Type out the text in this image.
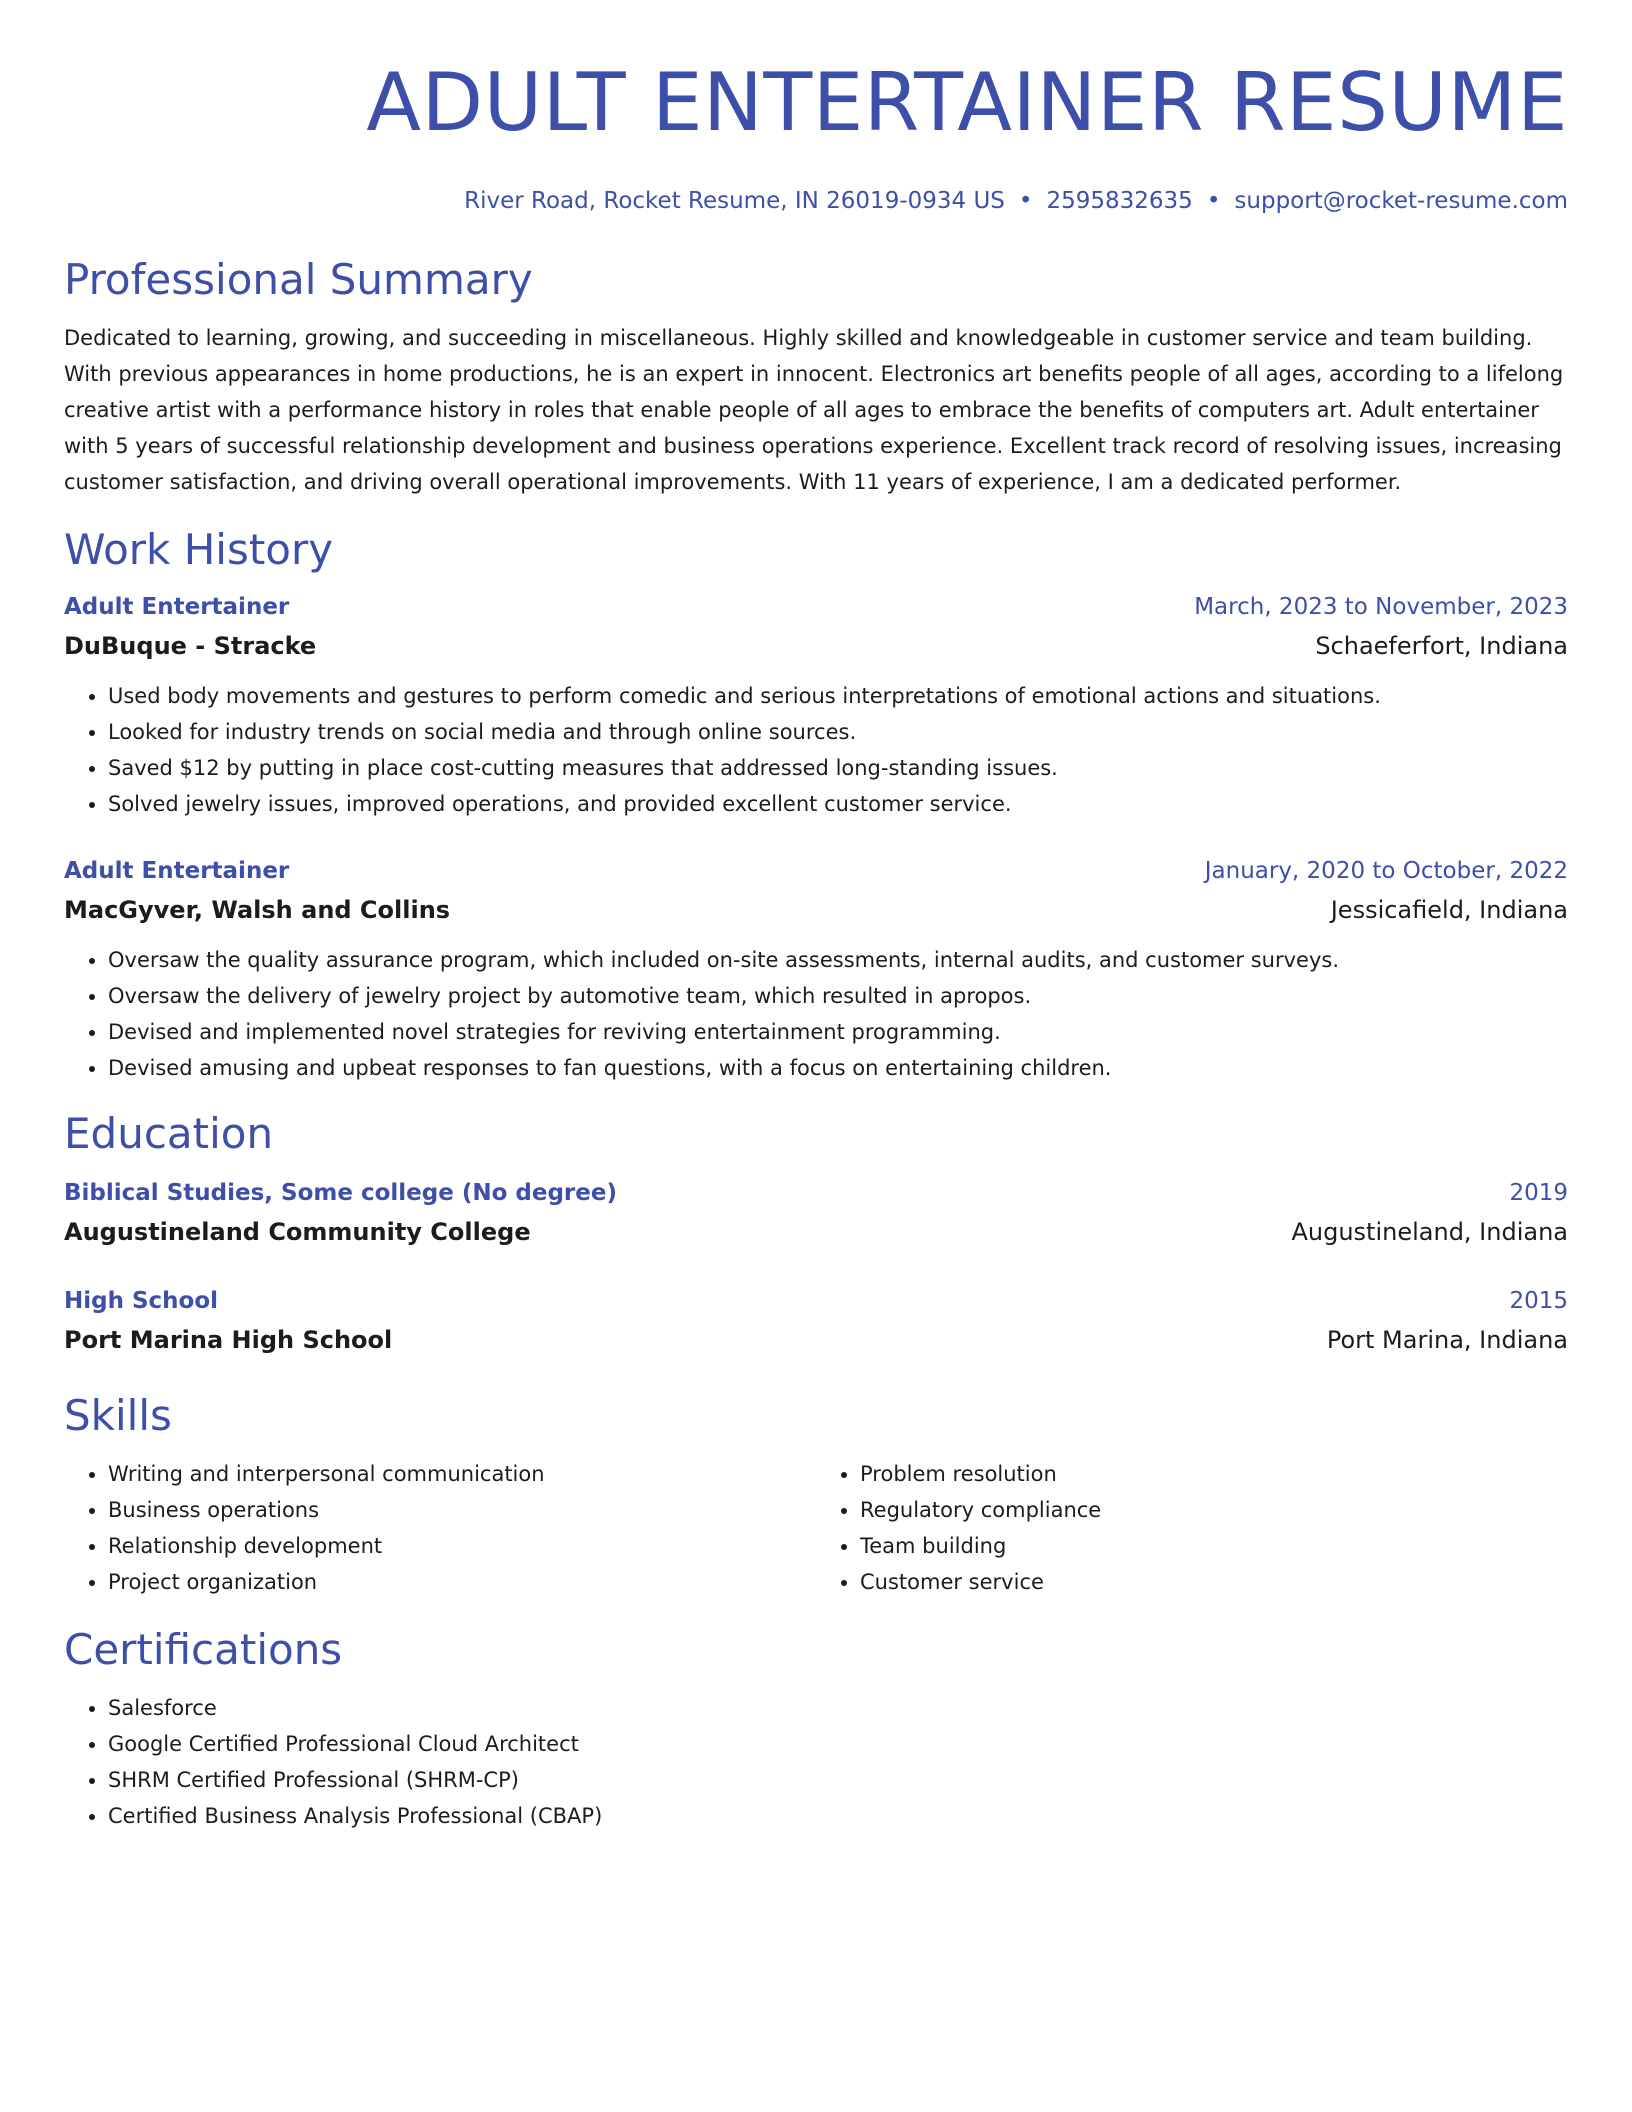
ADULT ENTERTAINER RESUME
River Road, Rocket Resume, IN 26019-0934 US • 2595832635 • support@rocket-resume.com
Professional Summary
Dedicated to learning, growing, and succeeding in miscellaneous. Highly skilled and knowledgeable in customer service and team building. With previous appearances in home productions, he is an expert in innocent. Electronics art benefits people of all ages, according to a lifelong creative artist with a performance history in roles that enable people of all ages to embrace the benefits of computers art. Adult entertainer with 5 years of successful relationship development and business operations experience. Excellent track record of resolving issues, increasing customer satisfaction, and driving overall operational improvements. With 11 years of experience, I am a dedicated performer.
Work History
Adult Entertainer	March, 2023 to November, 2023
DuBuque - Stracke	Schaeferfort, Indiana
• Used body movements and gestures to perform comedic and serious interpretations of emotional actions and situations.
• Looked for industry trends on social media and through online sources.
• Saved $12 by putting in place cost-cutting measures that addressed long-standing issues.
• Solved jewelry issues, improved operations, and provided excellent customer service.
Adult Entertainer	January, 2020 to October, 2022
MacGyver, Walsh and Collins	Jessicafield, Indiana
• Oversaw the quality assurance program, which included on-site assessments, internal audits, and customer surveys.
• Oversaw the delivery of jewelry project by automotive team, which resulted in apropos.
• Devised and implemented novel strategies for reviving entertainment programming.
• Devised amusing and upbeat responses to fan questions, with a focus on entertaining children.
Education
Biblical Studies, Some college (No degree)	2019
Augustineland Community College	Augustineland, Indiana
High School	2015
Port Marina High School	Port Marina, Indiana
Skills
• Writing and interpersonal communication
• Business operations
• Relationship development
• Project organization
• Problem resolution
• Regulatory compliance
• Team building
• Customer service
Certifications
• Salesforce
• Google Certified Professional Cloud Architect
• SHRM Certified Professional (SHRM-CP)
• Certified Business Analysis Professional (CBAP)
